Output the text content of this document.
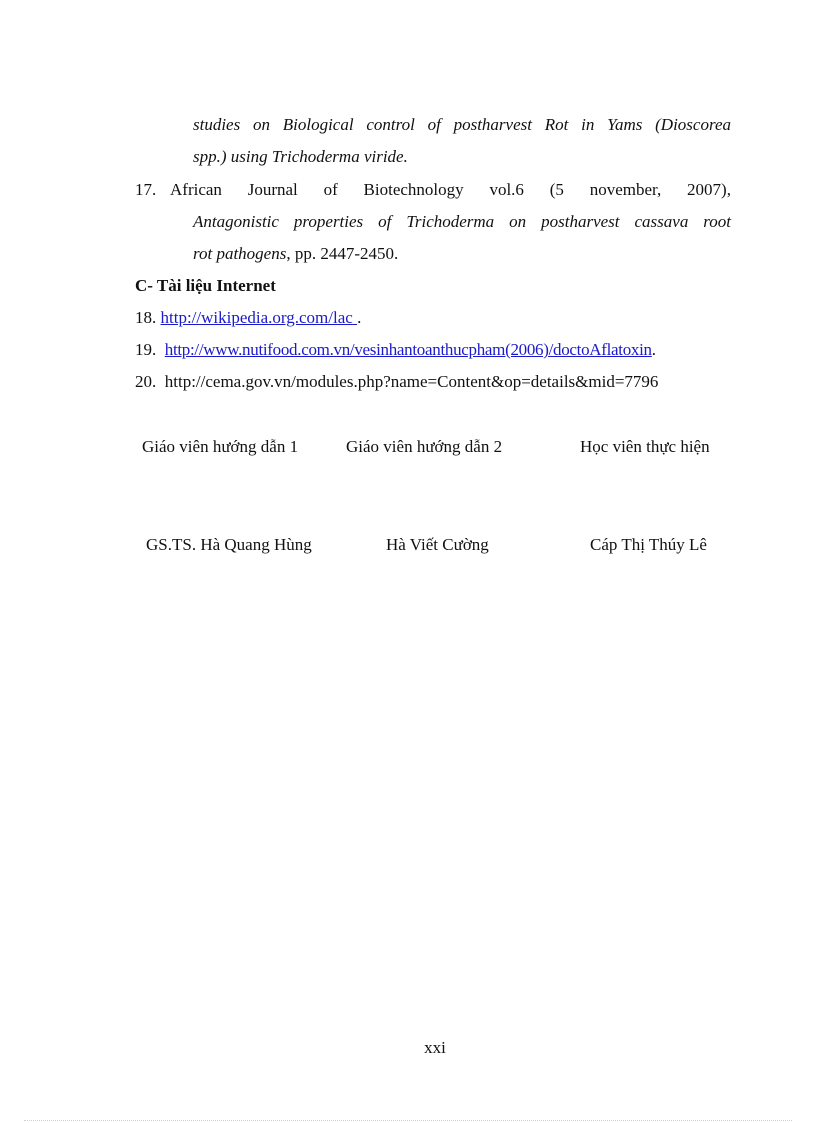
studies on Biological control of postharvest Rot in Yams (Dioscorea
spp.) using Trichoderma viride.
17. African Journal of Biotechnology vol.6 (5 november, 2007),
Antagonistic properties of Trichoderma on postharvest cassava root
rot pathogens, pp. 2447-2450.
C- Tài liệu Internet
18. http://wikipedia.org.com/lac .
19. http://www.nutifood.com.vn/vesinhantoanthucpham(2006)/doctoAflatoxin.
20. http://cema.gov.vn/modules.php?name=Content&op=details&mid=7796
Giáo viên hướng dẫn 1	Giáo viên hướng dẫn 2	Học viên thực hiện
GS.TS. Hà Quang Hùng	Hà Viết Cường	Cáp Thị Thúy Lê
xxi
